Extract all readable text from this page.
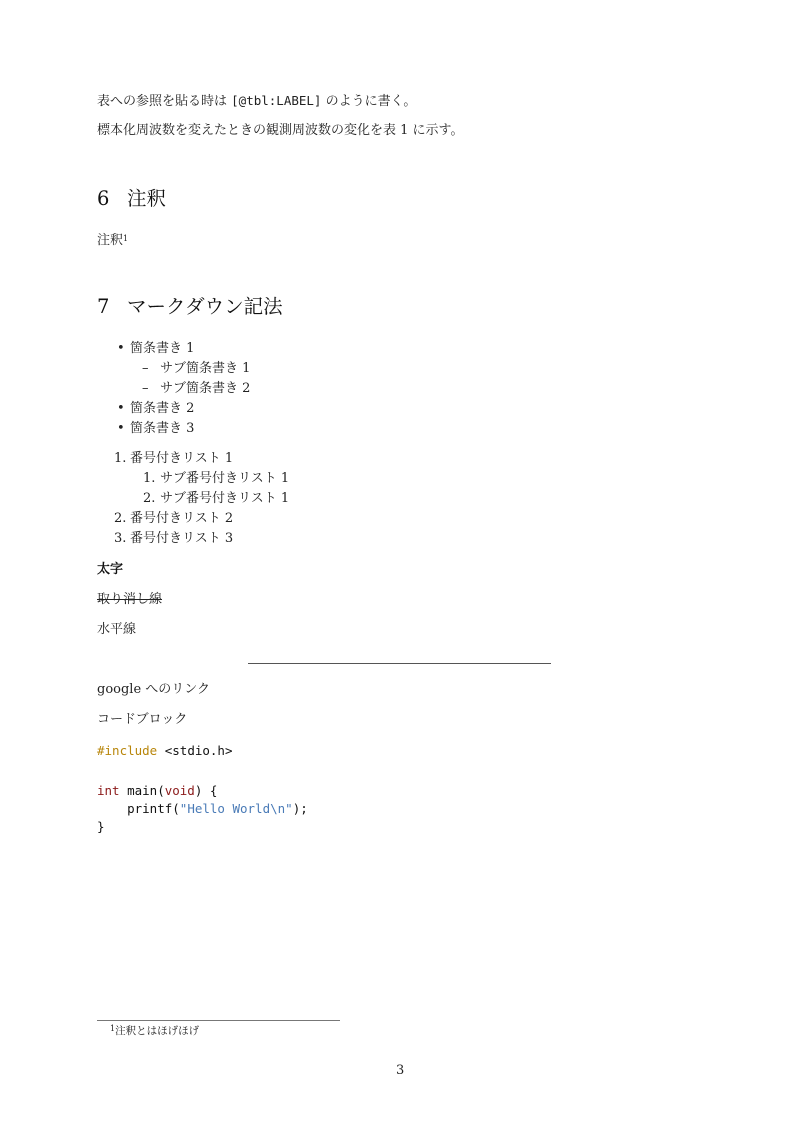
表への参照を貼る時は [@tbl:LABEL] のように書く。
標本化周波数を変えたときの観測周波数の変化を表 1 に示す。
6 注釈
注釈$^1$
7 マークダウン記法
• 箇条書き 1
– サブ箇条書き 1
– サブ箇条書き 2
• 箇条書き 2
• 箇条書き 3
1. 番号付きリスト 1
1. サブ番号付きリスト 1
2. サブ番号付きリスト 1
2. 番号付きリスト 2
3. 番号付きリスト 3
太字
取り消し線
水平線
google へのリンク
コードブロック
#include <stdio.h>
int main(void) {
printf("Hello World\n");
}
$^1$注釈とはほげほげ
3
